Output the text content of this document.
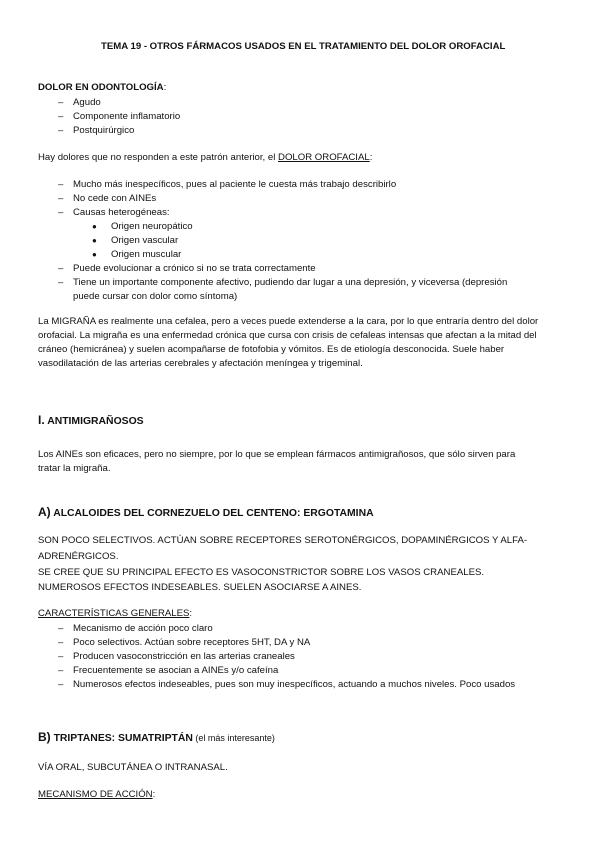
TEMA 19 - OTROS FÁRMACOS USADOS EN EL TRATAMIENTO DEL DOLOR OROFACIAL

DOLOR EN ODONTOLOGÍA:

– Agudo
– Componente inflamatorio
– Postquirúrgico

Hay dolores que no responden a este patrón anterior, el DOLOR OROFACIAL:

– Mucho más inespecíficos, pues al paciente le cuesta más trabajo describirlo
– No cede con AINEs
– Causas heterogéneas:
● Origen neuropático
● Origen vascular
● Origen muscular
– Puede evolucionar a crónico si no se trata correctamente
– Tiene un importante componente afectivo, pudiendo dar lugar a una depresión, y viceversa (depresión

puede cursar con dolor como síntoma)

La MIGRAÑA es realmente una cefalea, pero a veces puede extenderse a la cara, por lo que entraría dentro del dolor

orofacial. La migraña es una enfermedad crónica que cursa con crisis de cefaleas intensas que afectan a la mitad del

cráneo (hemicránea) y suelen acompañarse de fotofobia y vómitos. Es de etiología desconocida. Suele haber

vasodilatación de las arterias cerebrales y afectación meníngea y trigeminal.

I. ANTIMIGRAÑOSOS

Los AINEs son eficaces, pero no siempre, por lo que se emplean fármacos antimigrañosos, que sólo sirven para

tratar la migraña.

A) ALCALOIDES DEL CORNEZUELO DEL CENTENO: ERGOTAMINA

SON POCO SELECTIVOS. ACTÚAN SOBRE RECEPTORES SEROTONÉRGICOS, DOPAMINÉRGICOS Y ALFA-

ADRENÉRGICOS.

SE CREE QUE SU PRINCIPAL EFECTO ES VASOCONSTRICTOR SOBRE LOS VASOS CRANEALES.

NUMEROSOS EFECTOS INDESEABLES. SUELEN ASOCIARSE A AINES.

CARACTERÍSTICAS GENERALES:

– Mecanismo de acción poco claro
– Poco selectivos. Actúan sobre receptores 5HT, DA y NA
– Producen vasoconstricción en las arterias craneales
– Frecuentemente se asocian a AINEs y/o cafeína
– Numerosos efectos indeseables, pues son muy inespecíficos, actuando a muchos niveles. Poco usados

B) TRIPTANES: SUMATRIPTÁN (el más interesante)

VÍA ORAL, SUBCUTÁNEA O INTRANASAL.

MECANISMO DE ACCIÓN:
